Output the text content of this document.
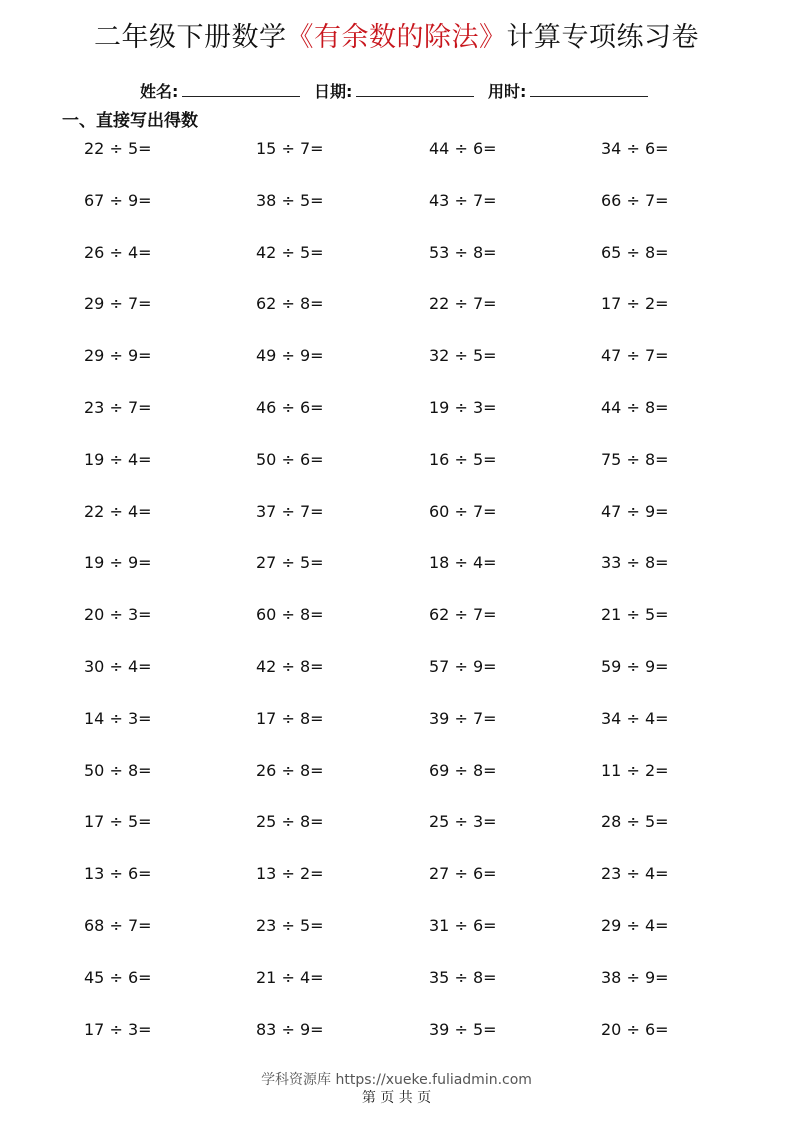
二年级下册数学《有余数的除法》计算专项练习卷
姓名:	日期:	用时:
一、直接写出得数
22 ÷ 5=	15 ÷ 7=	44 ÷ 6=	34 ÷ 6=
67 ÷ 9=	38 ÷ 5=	43 ÷ 7=	66 ÷ 7=
26 ÷ 4=	42 ÷ 5=	53 ÷ 8=	65 ÷ 8=
29 ÷ 7=	62 ÷ 8=	22 ÷ 7=	17 ÷ 2=
29 ÷ 9=	49 ÷ 9=	32 ÷ 5=	47 ÷ 7=
23 ÷ 7=	46 ÷ 6=	19 ÷ 3=	44 ÷ 8=
19 ÷ 4=	50 ÷ 6=	16 ÷ 5=	75 ÷ 8=
22 ÷ 4=	37 ÷ 7=	60 ÷ 7=	47 ÷ 9=
19 ÷ 9=	27 ÷ 5=	18 ÷ 4=	33 ÷ 8=
20 ÷ 3=	60 ÷ 8=	62 ÷ 7=	21 ÷ 5=
30 ÷ 4=	42 ÷ 8=	57 ÷ 9=	59 ÷ 9=
14 ÷ 3=	17 ÷ 8=	39 ÷ 7=	34 ÷ 4=
50 ÷ 8=	26 ÷ 8=	69 ÷ 8=	11 ÷ 2=
17 ÷ 5=	25 ÷ 8=	25 ÷ 3=	28 ÷ 5=
13 ÷ 6=	13 ÷ 2=	27 ÷ 6=	23 ÷ 4=
68 ÷ 7=	23 ÷ 5=	31 ÷ 6=	29 ÷ 4=
45 ÷ 6=	21 ÷ 4=	35 ÷ 8=	38 ÷ 9=
17 ÷ 3=	83 ÷ 9=	39 ÷ 5=	20 ÷ 6=
学科资源库 https://xueke.fuliadmin.com
第 页 共 页
